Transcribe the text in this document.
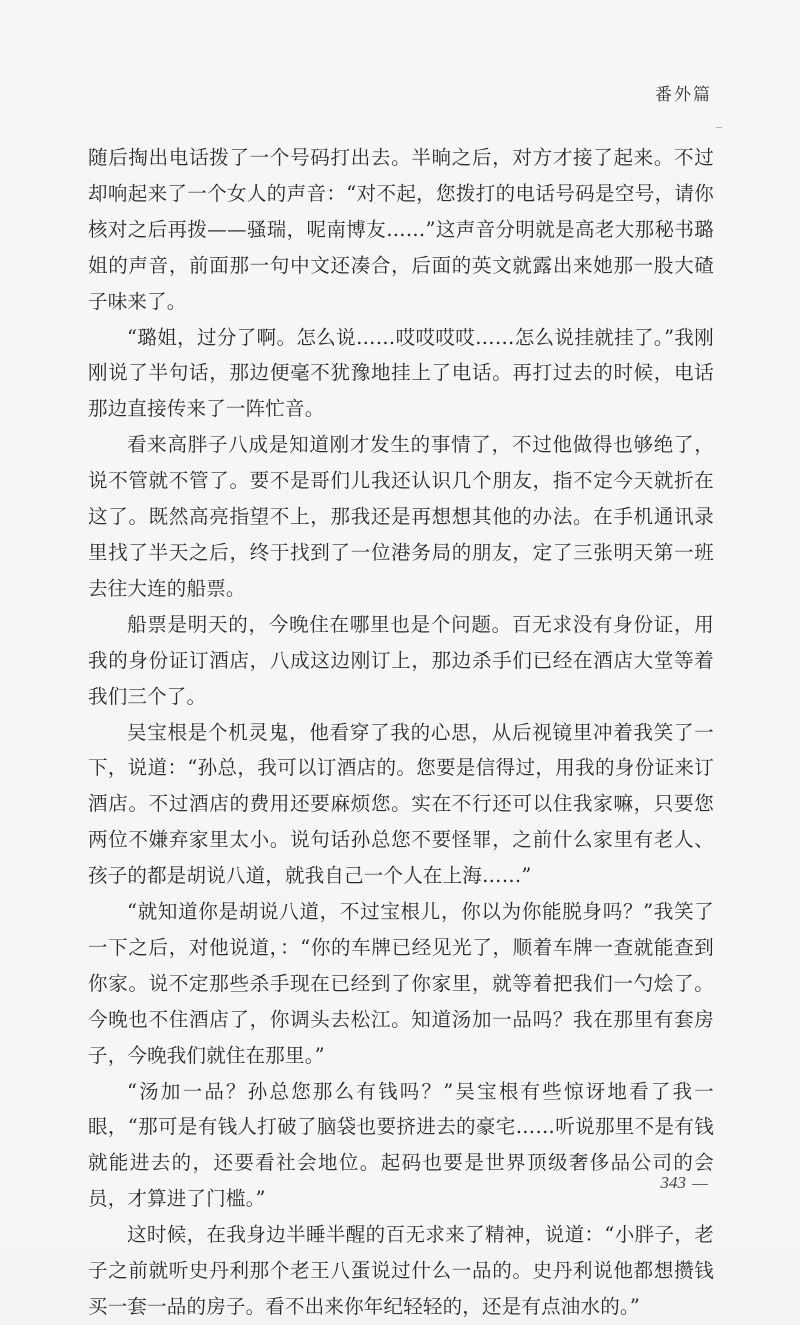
番外篇

随后掏出电话拨了一个号码打出去。半晌之后，对方才接了起来。不过却响起来了一个女人的声音：“对不起，您拨打的电话号码是空号，请你核对之后再拨——骚瑞，呢南博友……”这声音分明就是高老大那秘书璐姐的声音，前面那一句中文还凑合，后面的英文就露出来她那一股大碴子味来了。

“璐姐，过分了啊。怎么说……哎哎哎哎……怎么说挂就挂了。”我刚刚说了半句话，那边便毫不犹豫地挂上了电话。再打过去的时候，电话那边直接传来了一阵忙音。

看来高胖子八成是知道刚才发生的事情了，不过他做得也够绝了，说不管就不管了。要不是哥们儿我还认识几个朋友，指不定今天就折在这了。既然高亮指望不上，那我还是再想想其他的办法。在手机通讯录里找了半天之后，终于找到了一位港务局的朋友，定了三张明天第一班去往大连的船票。

船票是明天的，今晚住在哪里也是个问题。百无求没有身份证，用我的身份证订酒店，八成这边刚订上，那边杀手们已经在酒店大堂等着我们三个了。

吴宝根是个机灵鬼，他看穿了我的心思，从后视镜里冲着我笑了一下，说道：“孙总，我可以订酒店的。您要是信得过，用我的身份证来订酒店。不过酒店的费用还要麻烦您。实在不行还可以住我家嘛，只要您两位不嫌弃家里太小。说句话孙总您不要怪罪，之前什么家里有老人、孩子的都是胡说八道，就我自己一个人在上海……”

“就知道你是胡说八道，不过宝根儿，你以为你能脱身吗？”我笑了一下之后，对他说道，：“你的车牌已经见光了，顺着车牌一查就能查到你家。说不定那些杀手现在已经到了你家里，就等着把我们一勺烩了。今晚也不住酒店了，你调头去松江。知道汤加一品吗？我在那里有套房子，今晚我们就住在那里。”

“汤加一品？孙总您那么有钱吗？”吴宝根有些惊讶地看了我一眼，“那可是有钱人打破了脑袋也要挤进去的豪宅……听说那里不是有钱就能进去的，还要看社会地位。起码也要是世界顶级奢侈品公司的会员，才算进了门槛。”

这时候，在我身边半睡半醒的百无求来了精神，说道：“小胖子，老子之前就听史丹利那个老王八蛋说过什么一品的。史丹利说他都想攒钱买一套一品的房子。看不出来你年纪轻轻的，还是有点油水的。”

343
